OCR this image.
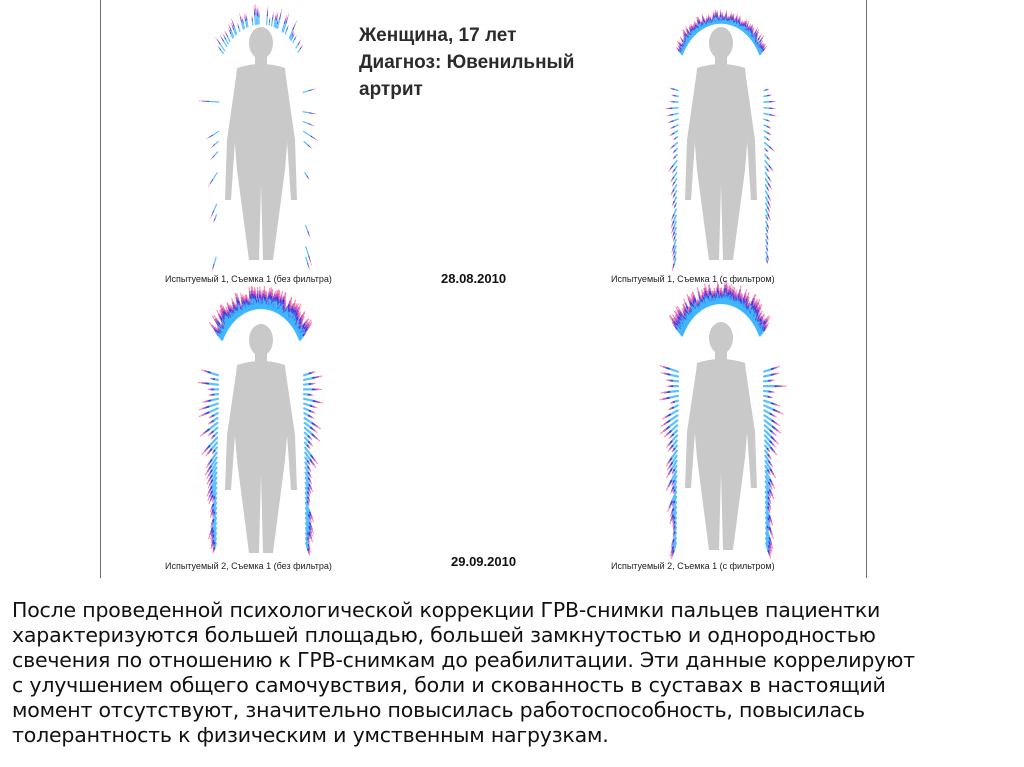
Испытуемый 1, Съемка 1 (без фильтра)	Испытуемый 1, Съемка 1 (с фильтром)
Испытуемый 2, Съемка 1 (без фильтра)	Испытуемый 2, Съемка 1 (с фильтром)
28.08.2010
29.09.2010
Женщина, 17 лет
Диагноз: Ювенильный
артрит
После проведенной психологической коррекции ГРВ-снимки пальцев пациентки
характеризуются большей площадью, большей замкнутостью и однородностью
свечения по отношению к ГРВ-снимкам до реабилитации. Эти данные коррелируют
с улучшением общего самочувствия, боли и скованность в суставах в настоящий
момент отсутствуют, значительно повысилась работоспособность, повысилась
толерантность к физическим и умственным нагрузкам.
